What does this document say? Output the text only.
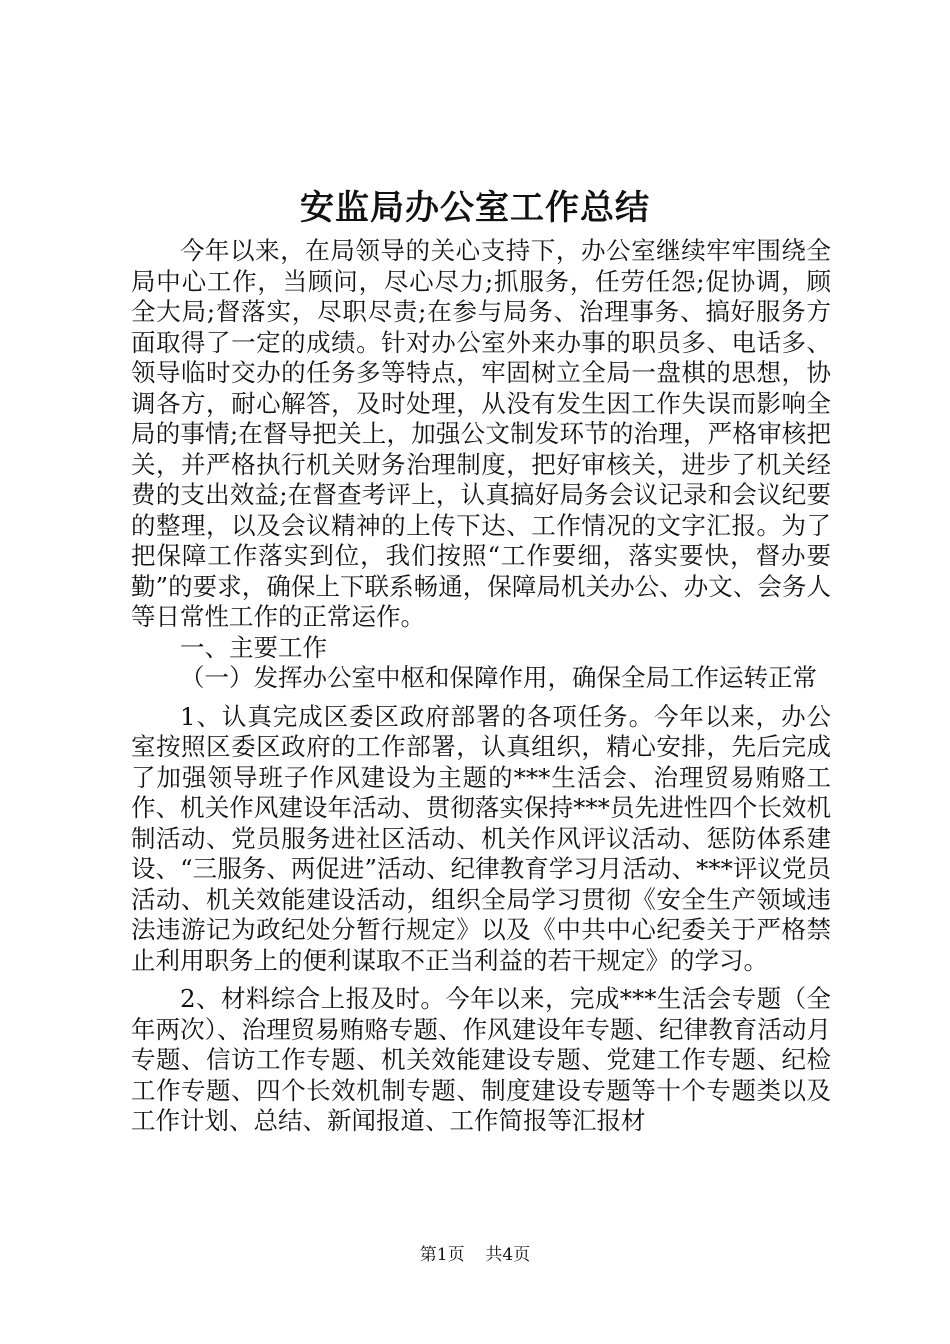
安监局办公室工作总结

今年以来，在局领导的关心支持下，办公室继续牢牢围绕全局中心工作，当顾问，尽心尽力;抓服务，任劳任怨;促协调，顾全大局;督落实，尽职尽责;在参与局务、治理事务、搞好服务方面取得了一定的成绩。针对办公室外来办事的职员多、电话多、领导临时交办的任务多等特点，牢固树立全局一盘棋的思想，协调各方，耐心解答，及时处理，从没有发生因工作失误而影响全局的事情;在督导把关上，加强公文制发环节的治理，严格审核把关，并严格执行机关财务治理制度，把好审核关，进步了机关经费的支出效益;在督查考评上，认真搞好局务会议记录和会议纪要的整理，以及会议精神的上传下达、工作情况的文字汇报。为了把保障工作落实到位，我们按照“工作要细，落实要快，督办要勤”的要求，确保上下联系畅通，保障局机关办公、办文、会务人等日常性工作的正常运作。

一、主要工作

（一）发挥办公室中枢和保障作用，确保全局工作运转正常

1、认真完成区委区政府部署的各项任务。今年以来，办公室按照区委区政府的工作部署，认真组织，精心安排，先后完成了加强领导班子作风建设为主题的***生活会、治理贸易贿赂工作、机关作风建设年活动、贯彻落实保持***员先进性四个长效机制活动、党员服务进社区活动、机关作风评议活动、惩防体系建设、“三服务、两促进”活动、纪律教育学习月活动、***评议党员活动、机关效能建设活动，组织全局学习贯彻《安全生产领域违法违游记为政纪处分暂行规定》以及《中共中心纪委关于严格禁止利用职务上的便利谋取不正当利益的若干规定》的学习。

2、材料综合上报及时。今年以来，完成***生活会专题（全年两次）、治理贸易贿赂专题、作风建设年专题、纪律教育活动月专题、信访工作专题、机关效能建设专题、党建工作专题、纪检工作专题、四个长效机制专题、制度建设专题等十个专题类以及工作计划、总结、新闻报道、工作简报等汇报材

第1页 共4页
